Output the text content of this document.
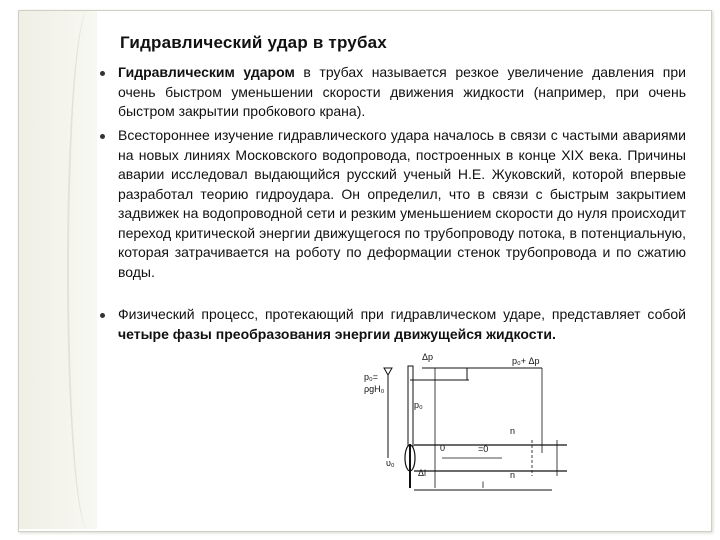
Гидравлический удар в трубах
Гидравлическим ударом в трубах называется резкое увеличение давления при очень быстром уменьшении скорости движения жидкости (например, при очень быстром закрытии пробкового крана).
Всестороннее изучение гидравлического удара началось в связи с частыми авариями на новых линиях Московского водопровода, построенных в конце XIX века. Причины аварии исследовал выдающийся русский ученый Н.Е. Жуковский, которой впервые разработал теорию гидроудара. Он определил, что в связи с быстрым закрытием задвижек на водопроводной сети и резким уменьшением скорости до нуля происходит переход критической энергии движущегося по трубопроводу потока, в потенциальную, которая затрачивается на роботу по деформации стенок трубопровода и по сжатию воды.
Физический процесс, протекающий при гидравлическом ударе, представляет собой четыре фазы преобразования энергии движущейся жидкости.
Δp	p₀+ Δp
p₀=
ρgH₀
p₀
n
υ₀
0	=0
n
Δl
l
